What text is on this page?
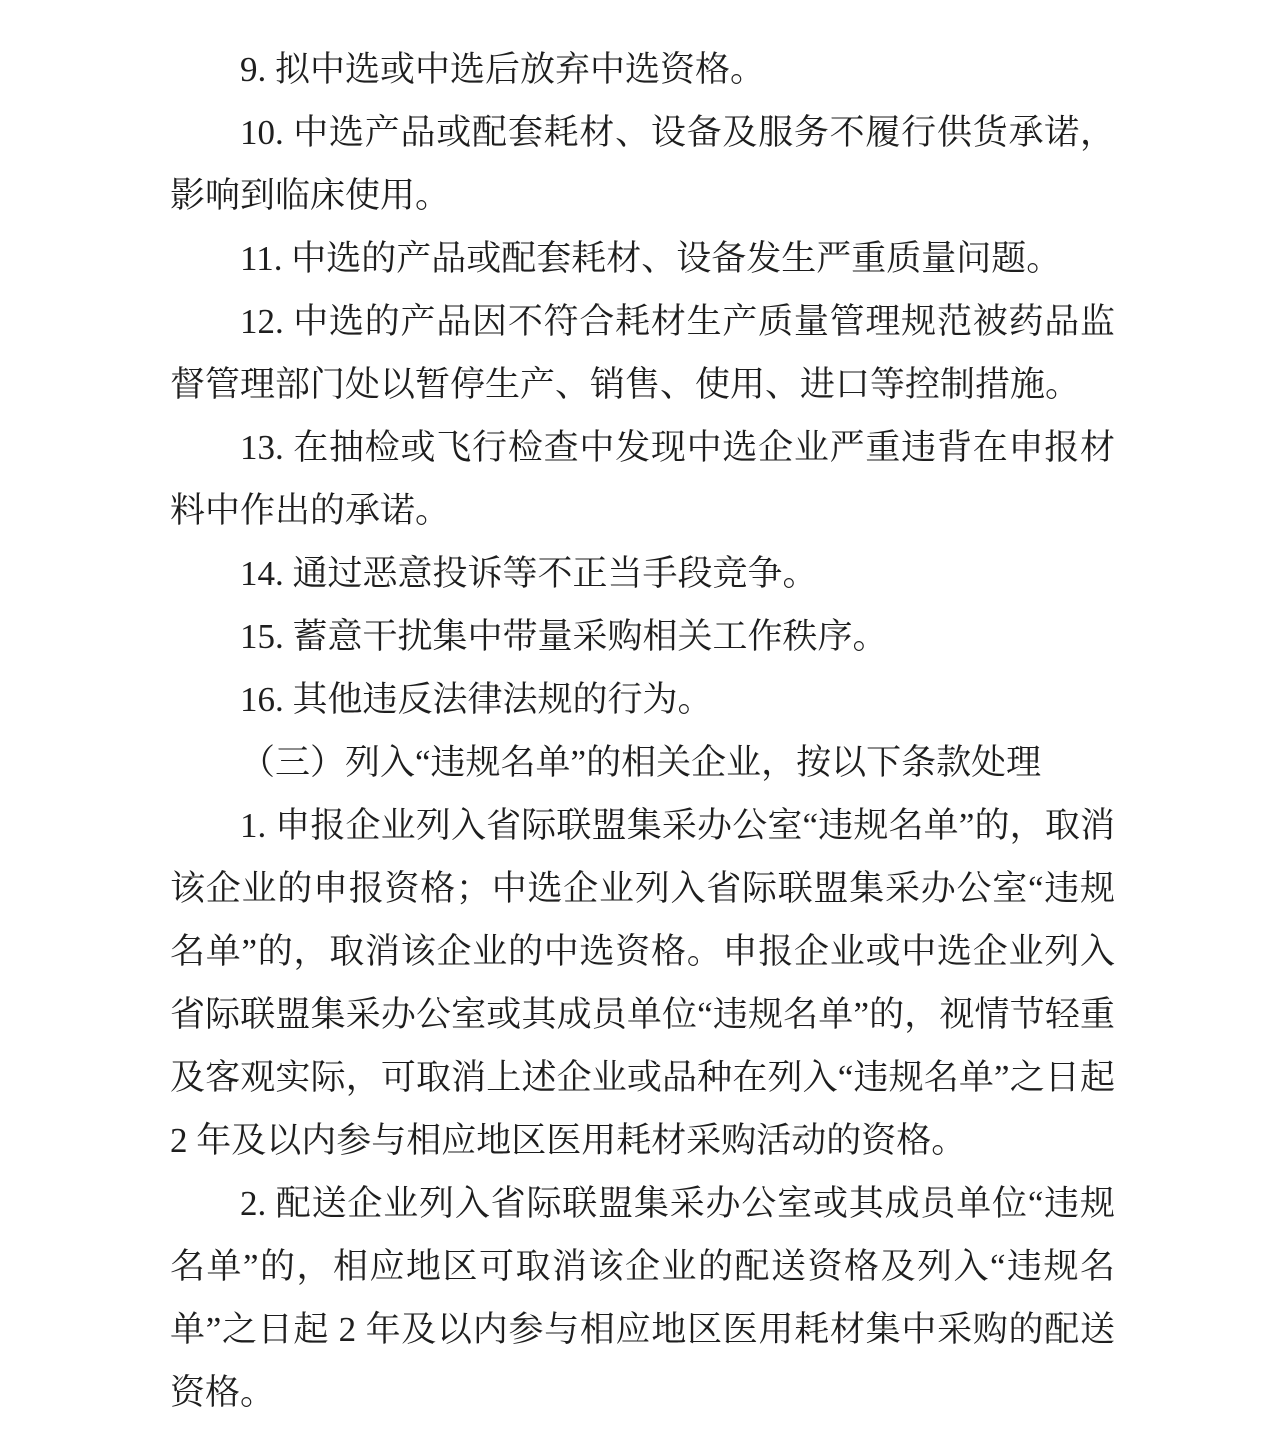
9. 拟中选或中选后放弃中选资格。

10. 中选产品或配套耗材、设备及服务不履行供货承诺，影响到临床使用。

11. 中选的产品或配套耗材、设备发生严重质量问题。

12. 中选的产品因不符合耗材生产质量管理规范被药品监督管理部门处以暂停生产、销售、使用、进口等控制措施。

13. 在抽检或飞行检查中发现中选企业严重违背在申报材料中作出的承诺。

14. 通过恶意投诉等不正当手段竞争。

15. 蓄意干扰集中带量采购相关工作秩序。

16. 其他违反法律法规的行为。

（三）列入“违规名单”的相关企业，按以下条款处理

1. 申报企业列入省际联盟集采办公室“违规名单”的，取消该企业的申报资格；中选企业列入省际联盟集采办公室“违规名单”的，取消该企业的中选资格。申报企业或中选企业列入省际联盟集采办公室或其成员单位“违规名单”的，视情节轻重及客观实际，可取消上述企业或品种在列入“违规名单”之日起 2 年及以内参与相应地区医用耗材采购活动的资格。

2. 配送企业列入省际联盟集采办公室或其成员单位“违规名单”的，相应地区可取消该企业的配送资格及列入“违规名单”之日起 2 年及以内参与相应地区医用耗材集中采购的配送资格。
